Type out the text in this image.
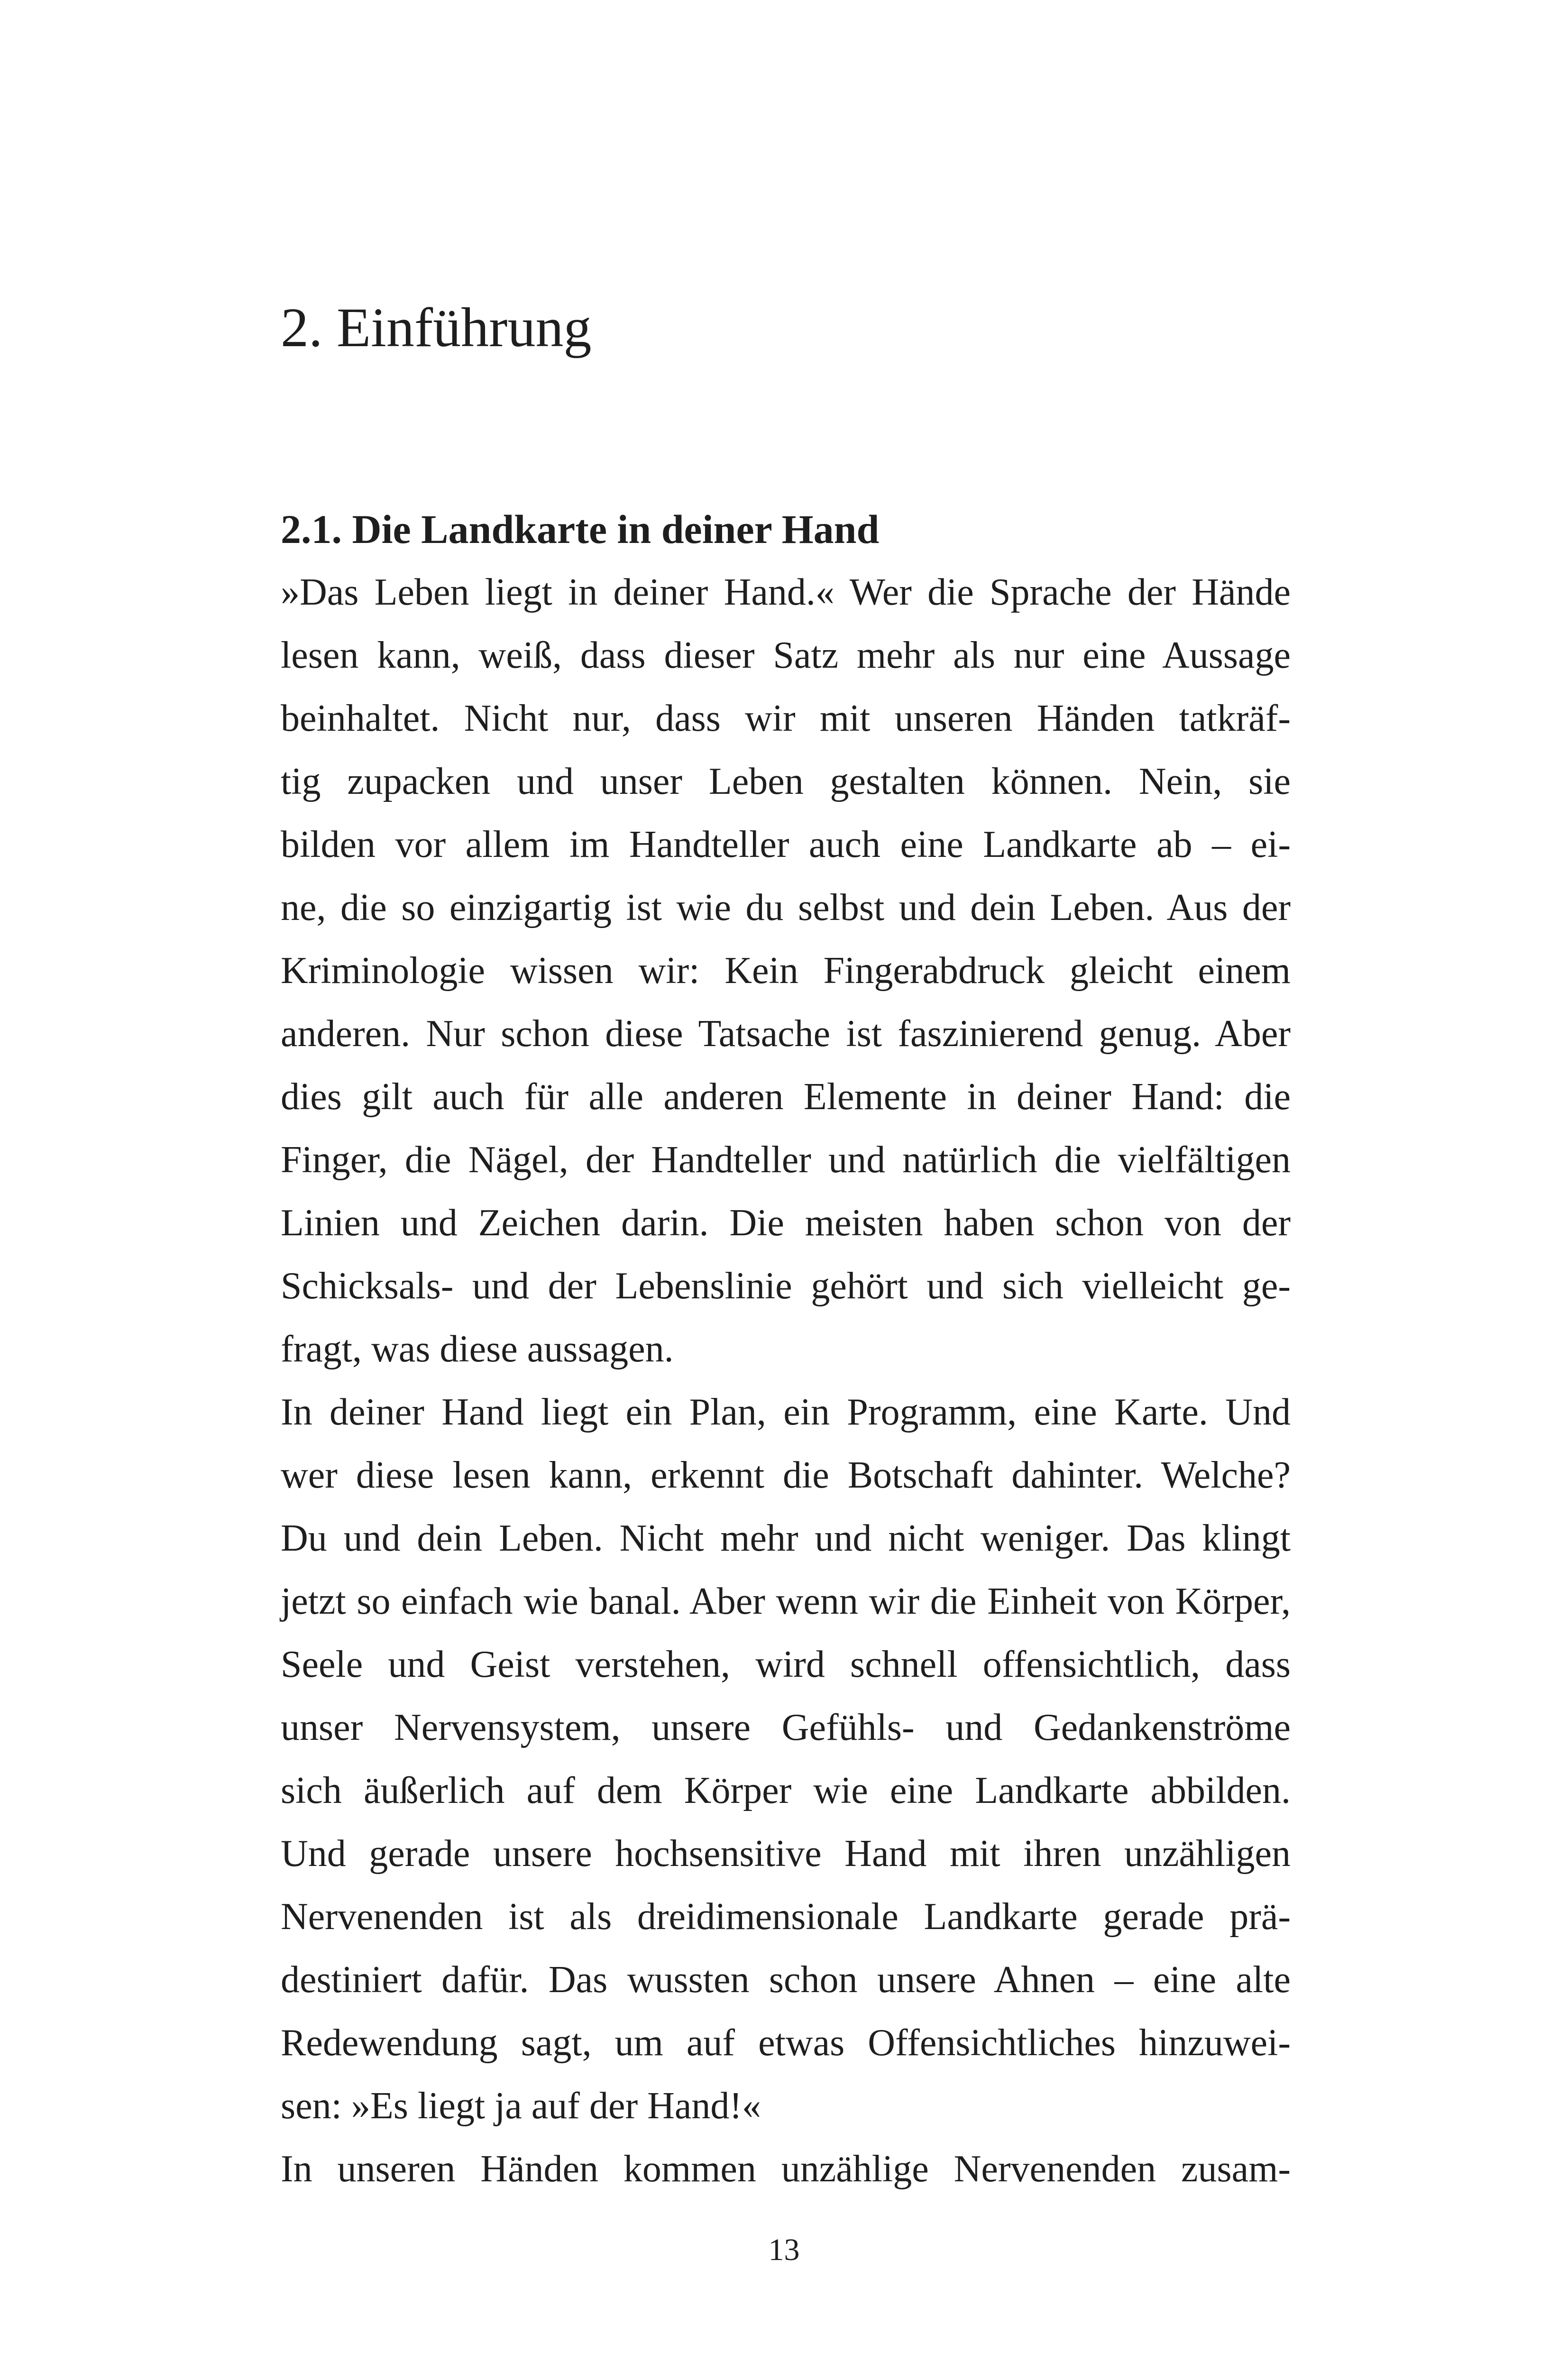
2. Einführung
2.1. Die Landkarte in deiner Hand
»Das Leben liegt in deiner Hand.« Wer die Sprache der Hände
lesen kann, weiß, dass dieser Satz mehr als nur eine Aussage
beinhaltet. Nicht nur, dass wir mit unseren Händen tatkräf-
tig zupacken und unser Leben gestalten können. Nein, sie
bilden vor allem im Handteller auch eine Landkarte ab – ei-
ne, die so einzigartig ist wie du selbst und dein Leben. Aus der
Kriminologie wissen wir: Kein Fingerabdruck gleicht einem
anderen. Nur schon diese Tatsache ist faszinierend genug. Aber
dies gilt auch für alle anderen Elemente in deiner Hand: die
Finger, die Nägel, der Handteller und natürlich die vielfältigen
Linien und Zeichen darin. Die meisten haben schon von der
Schicksals- und der Lebenslinie gehört und sich vielleicht ge-
fragt, was diese aussagen.
In deiner Hand liegt ein Plan, ein Programm, eine Karte. Und
wer diese lesen kann, erkennt die Botschaft dahinter. Welche?
Du und dein Leben. Nicht mehr und nicht weniger. Das klingt
jetzt so einfach wie banal. Aber wenn wir die Einheit von Körper,
Seele und Geist verstehen, wird schnell offensichtlich, dass
unser Nervensystem, unsere Gefühls- und Gedankenströme
sich äußerlich auf dem Körper wie eine Landkarte abbilden.
Und gerade unsere hochsensitive Hand mit ihren unzähligen
Nervenenden ist als dreidimensionale Landkarte gerade prä-
destiniert dafür. Das wussten schon unsere Ahnen – eine alte
Redewendung sagt, um auf etwas Offensichtliches hinzuwei-
sen: »Es liegt ja auf der Hand!«
In unseren Händen kommen unzählige Nervenenden zusam-
13
